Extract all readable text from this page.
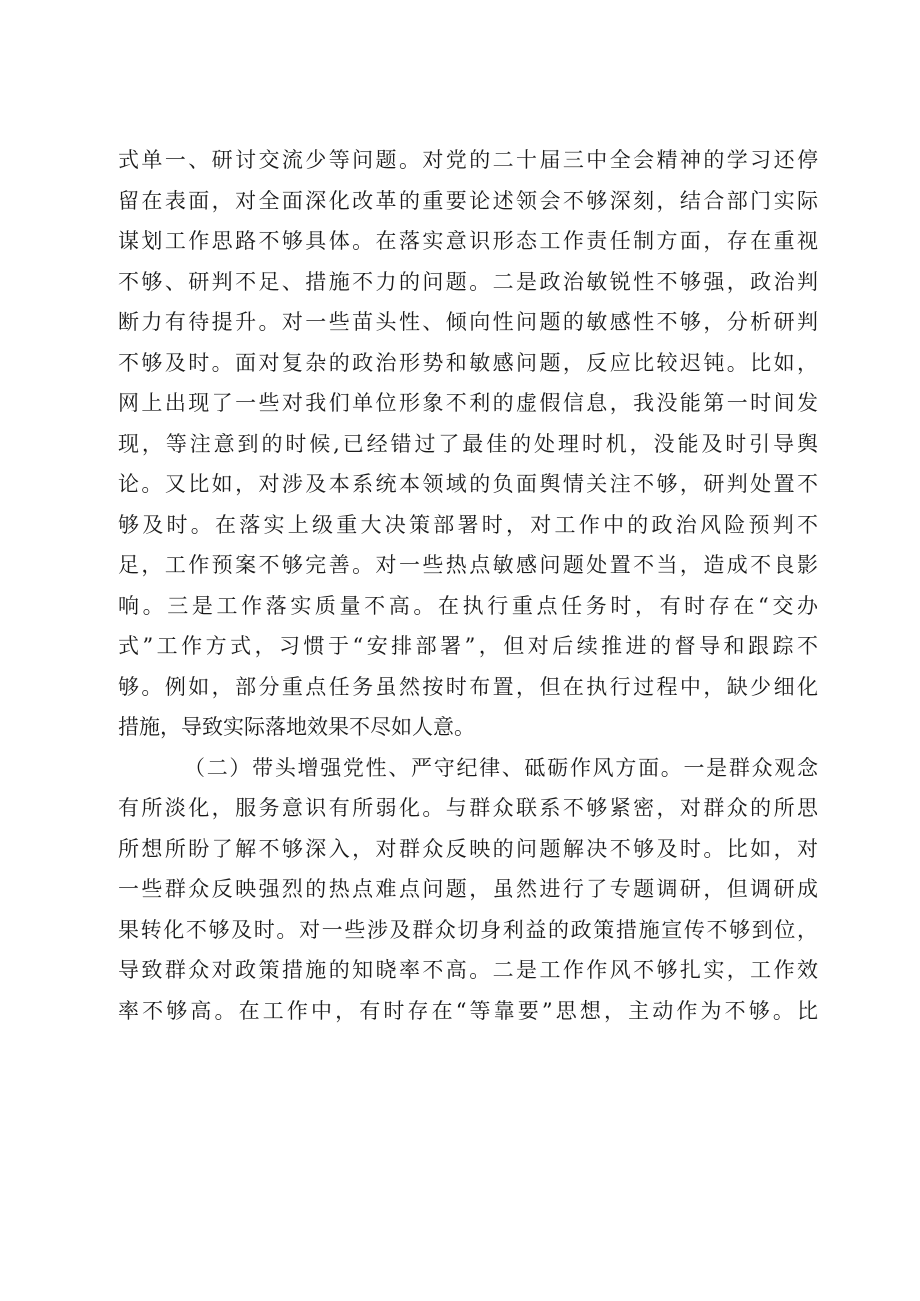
式单一、研讨交流少等问题。对党的二十届三中全会精神的学习还停
留在表面，对全面深化改革的重要论述领会不够深刻，结合部门实际
谋划工作思路不够具体。在落实意识形态工作责任制方面，存在重视
不够、研判不足、措施不力的问题。二是政治敏锐性不够强，政治判
断力有待提升。对一些苗头性、倾向性问题的敏感性不够，分析研判
不够及时。面对复杂的政治形势和敏感问题，反应比较迟钝。比如，
网上出现了一些对我们单位形象不利的虚假信息，我没能第一时间发
现，等注意到的时候,已经错过了最佳的处理时机，没能及时引导舆
论。又比如，对涉及本系统本领域的负面舆情关注不够，研判处置不
够及时。在落实上级重大决策部署时，对工作中的政治风险预判不
足，工作预案不够完善。对一些热点敏感问题处置不当，造成不良影
响。三是工作落实质量不高。在执行重点任务时，有时存在“交办
式”工作方式，习惯于“安排部署”，但对后续推进的督导和跟踪不
够。例如，部分重点任务虽然按时布置，但在执行过程中，缺少细化
措施，导致实际落地效果不尽如人意。
（二）带头增强党性、严守纪律、砥砺作风方面。一是群众观念
有所淡化，服务意识有所弱化。与群众联系不够紧密，对群众的所思
所想所盼了解不够深入，对群众反映的问题解决不够及时。比如，对
一些群众反映强烈的热点难点问题，虽然进行了专题调研，但调研成
果转化不够及时。对一些涉及群众切身利益的政策措施宣传不够到位，
导致群众对政策措施的知晓率不高。二是工作作风不够扎实，工作效
率不够高。在工作中，有时存在“等靠要”思想，主动作为不够。比
